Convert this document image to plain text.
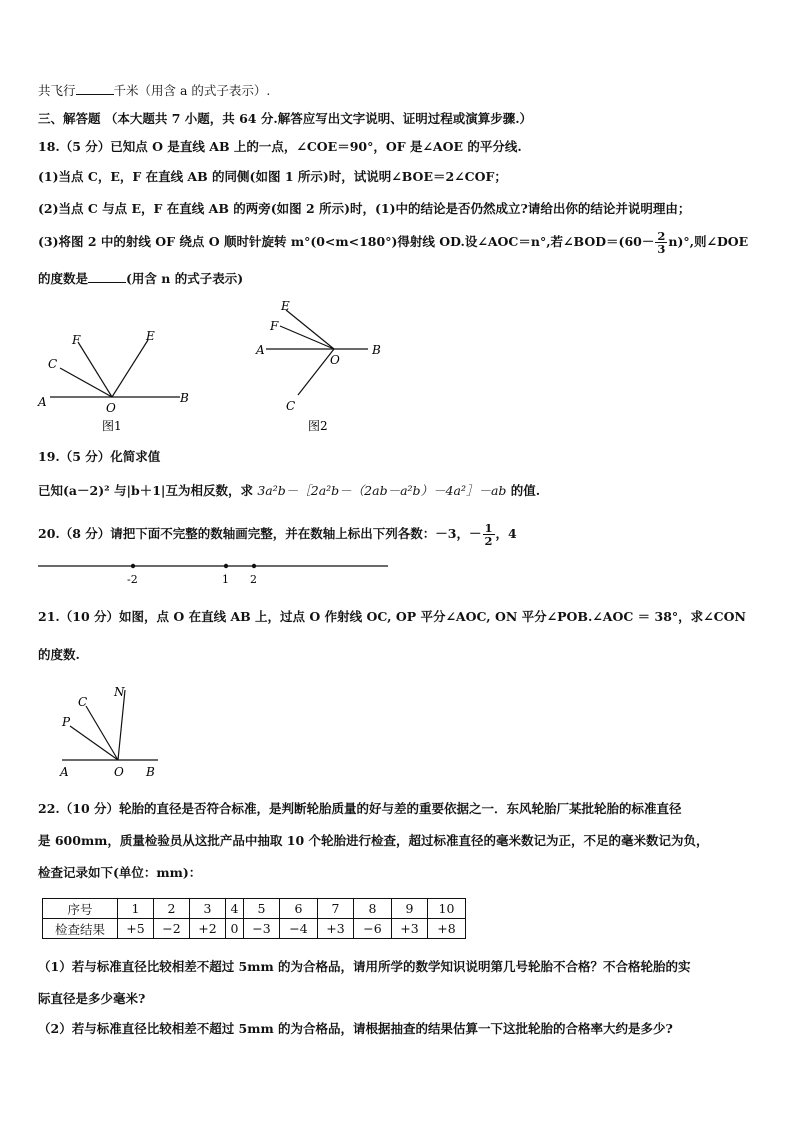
共飞行	千米（用含 a 的式子表示）.
三、解答题 （本大题共 7 小题，共 64 分.解答应写出文字说明、证明过程或演算步骤.）
18.（5 分）已知点 O 是直线 AB 上的一点，∠COE＝90°，OF 是∠AOE 的平分线.
(1)当点 C，E，F 在直线 AB 的同侧(如图 1 所示)时，试说明∠BOE＝2∠COF；
(2)当点 C 与点 E，F 在直线 AB 的两旁(如图 2 所示)时，(1)中的结论是否仍然成立?请给出你的结论并说明理由；
(3)将图 2 中的射线 OF 绕点 O 顺时针旋转 m°(0<m<180°)得射线 OD.设∠AOC＝n°,若∠BOD＝(60－ $\frac{2}{3} n)^\circ$,则∠DOE
的度数是	(用含 n 的式子表示)
A	B
O
C
F	E
图1
A	B
O
E
F
C
图2
19.（5 分）化简求值
已知(a－2)² 与|b＋1|互为相反数，求 3a²b－［2a²b－（2ab－a²b）－4a²］－ab 的值.
20.（8 分）请把下面不完整的数轴画完整，并在数轴上标出下列各数：－3，－ $\frac{1}{2}$ ，4
-2	1 2
21.（10 分）如图，点 O 在直线 AB 上，过点 O 作射线 OC, OP 平分∠AOC, ON 平分∠POB.∠AOC ＝ 38°，求∠CON
的度数.
N
C
P
A	O B
22.（10 分）轮胎的直径是否符合标准，是判断轮胎质量的好与差的重要依据之一．东风轮胎厂某批轮胎的标准直径
是 600mm，质量检验员从这批产品中抽取 10 个轮胎进行检查，超过标准直径的毫米数记为正，不足的毫米数记为负，
检查记录如下(单位：mm)：
序号	1	2	3	4	5	6	7	8	9	10
检查结果	+5	−2	+2	0	−3	−4	+3	−6	+3	+8
（1）若与标准直径比较相差不超过 5mm 的为合格品，请用所学的数学知识说明第几号轮胎不合格？不合格轮胎的实
际直径是多少毫米?
（2）若与标准直径比较相差不超过 5mm 的为合格品，请根据抽查的结果估算一下这批轮胎的合格率大约是多少?
